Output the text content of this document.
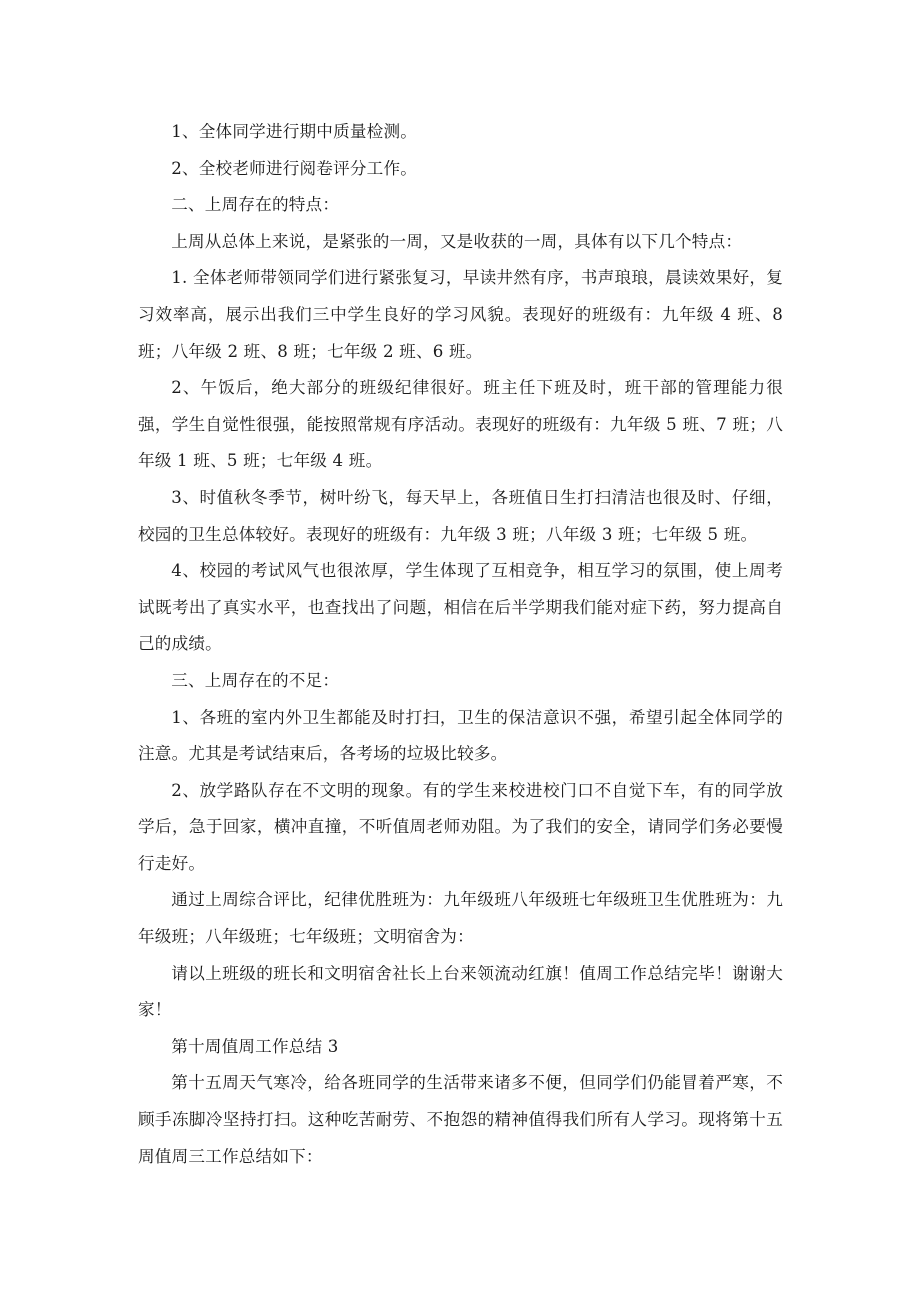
1、全体同学进行期中质量检测。

2、全校老师进行阅卷评分工作。

二、上周存在的特点：

上周从总体上来说，是紧张的一周，又是收获的一周，具体有以下几个特点：

1. 全体老师带领同学们进行紧张复习，早读井然有序，书声琅琅，晨读效果好，复习效率高，展示出我们三中学生良好的学习风貌。表现好的班级有：九年级 4 班、8 班；八年级 2 班、8 班；七年级 2 班、6 班。

2、午饭后，绝大部分的班级纪律很好。班主任下班及时，班干部的管理能力很强，学生自觉性很强，能按照常规有序活动。表现好的班级有：九年级 5 班、7 班；八年级 1 班、5 班；七年级 4 班。

3、时值秋冬季节，树叶纷飞，每天早上，各班值日生打扫清洁也很及时、仔细，校园的卫生总体较好。表现好的班级有：九年级 3 班；八年级 3 班；七年级 5 班。

4、校园的考试风气也很浓厚，学生体现了互相竞争，相互学习的氛围，使上周考试既考出了真实水平，也查找出了问题，相信在后半学期我们能对症下药，努力提高自己的成绩。

三、上周存在的不足：

1、各班的室内外卫生都能及时打扫，卫生的保洁意识不强，希望引起全体同学的注意。尤其是考试结束后，各考场的垃圾比较多。

2、放学路队存在不文明的现象。有的学生来校进校门口不自觉下车，有的同学放学后，急于回家，横冲直撞，不听值周老师劝阻。为了我们的安全，请同学们务必要慢行走好。

通过上周综合评比，纪律优胜班为：九年级班八年级班七年级班卫生优胜班为：九年级班；八年级班；七年级班；文明宿舍为：

请以上班级的班长和文明宿舍社长上台来领流动红旗！值周工作总结完毕！谢谢大家！

第十周值周工作总结 3

第十五周天气寒冷，给各班同学的生活带来诸多不便，但同学们仍能冒着严寒，不顾手冻脚冷坚持打扫。这种吃苦耐劳、不抱怨的精神值得我们所有人学习。现将第十五周值周三工作总结如下：
